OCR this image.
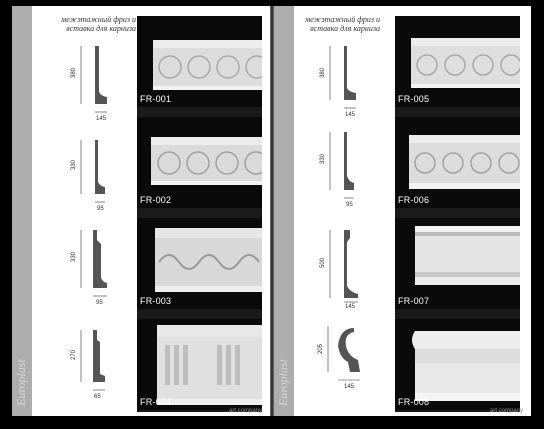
Europlast
межэтажный фриз и
вставка для карниза
380
145
330
95
330
95
270
65
FR-001
FR-002
FR-003
FR-004
art company
Europlast
межэтажный фриз и
вставка для карниза
380
145
330
95
500
145
205
145
FR-005
FR-006
FR-007
FR-008
art company
